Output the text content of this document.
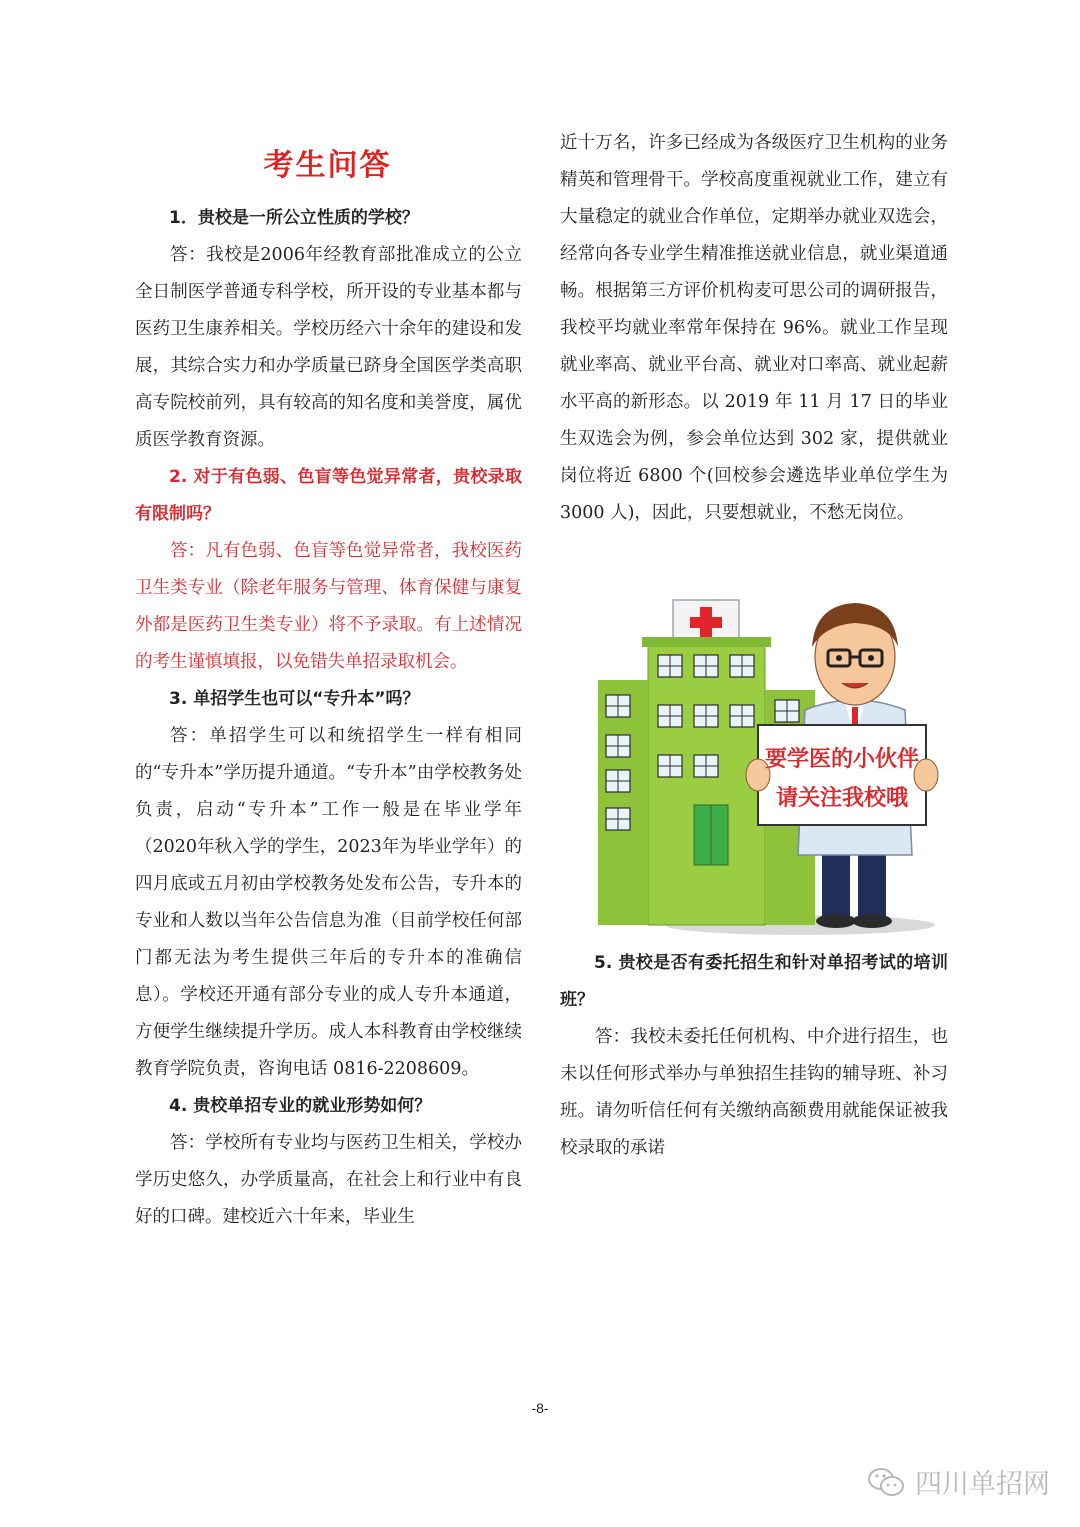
考生问答

1．贵校是一所公立性质的学校？

答：我校是2006年经教育部批准成立的公立全日制医学普通专科学校，所开设的专业基本都与医药卫生康养相关。学校历经六十余年的建设和发展，其综合实力和办学质量已跻身全国医学类高职高专院校前列，具有较高的知名度和美誉度，属优质医学教育资源。

2. 对于有色弱、色盲等色觉异常者，贵校录取有限制吗？

答：凡有色弱、色盲等色觉异常者，我校医药卫生类专业（除老年服务与管理、体育保健与康复外都是医药卫生类专业）将不予录取。有上述情况的考生谨慎填报，以免错失单招录取机会。

3. 单招学生也可以“专升本”吗？

答：单招学生可以和统招学生一样有相同的“专升本”学历提升通道。“专升本”由学校教务处负责，启动“专升本”工作一般是在毕业学年（2020年秋入学的学生，2023年为毕业学年）的四月底或五月初由学校教务处发布公告，专升本的专业和人数以当年公告信息为准（目前学校任何部门都无法为考生提供三年后的专升本的准确信息）。学校还开通有部分专业的成人专升本通道，方便学生继续提升学历。成人本科教育由学校继续教育学院负责，咨询电话 0816-2208609。

4. 贵校单招专业的就业形势如何？

答：学校所有专业均与医药卫生相关，学校办学历史悠久，办学质量高，在社会上和行业中有良好的口碑。建校近六十年来，毕业生

近十万名，许多已经成为各级医疗卫生机构的业务精英和管理骨干。学校高度重视就业工作，建立有大量稳定的就业合作单位，定期举办就业双选会，经常向各专业学生精准推送就业信息，就业渠道通畅。根据第三方评价机构麦可思公司的调研报告，我校平均就业率常年保持在 96%。就业工作呈现就业率高、就业平台高、就业对口率高、就业起薪水平高的新形态。以 2019 年 11 月 17 日的毕业生双选会为例，参会单位达到 302 家，提供就业岗位将近 6800 个(回校参会遴选毕业单位学生为 3000 人)，因此，只要想就业，不愁无岗位。

要学医的小伙伴
请关注我校哦

5. 贵校是否有委托招生和针对单招考试的培训班？

答：我校未委托任何机构、中介进行招生，也未以任何形式举办与单独招生挂钩的辅导班、补习班。请勿听信任何有关缴纳高额费用就能保证被我校录取的承诺

-8-
四川单招网
